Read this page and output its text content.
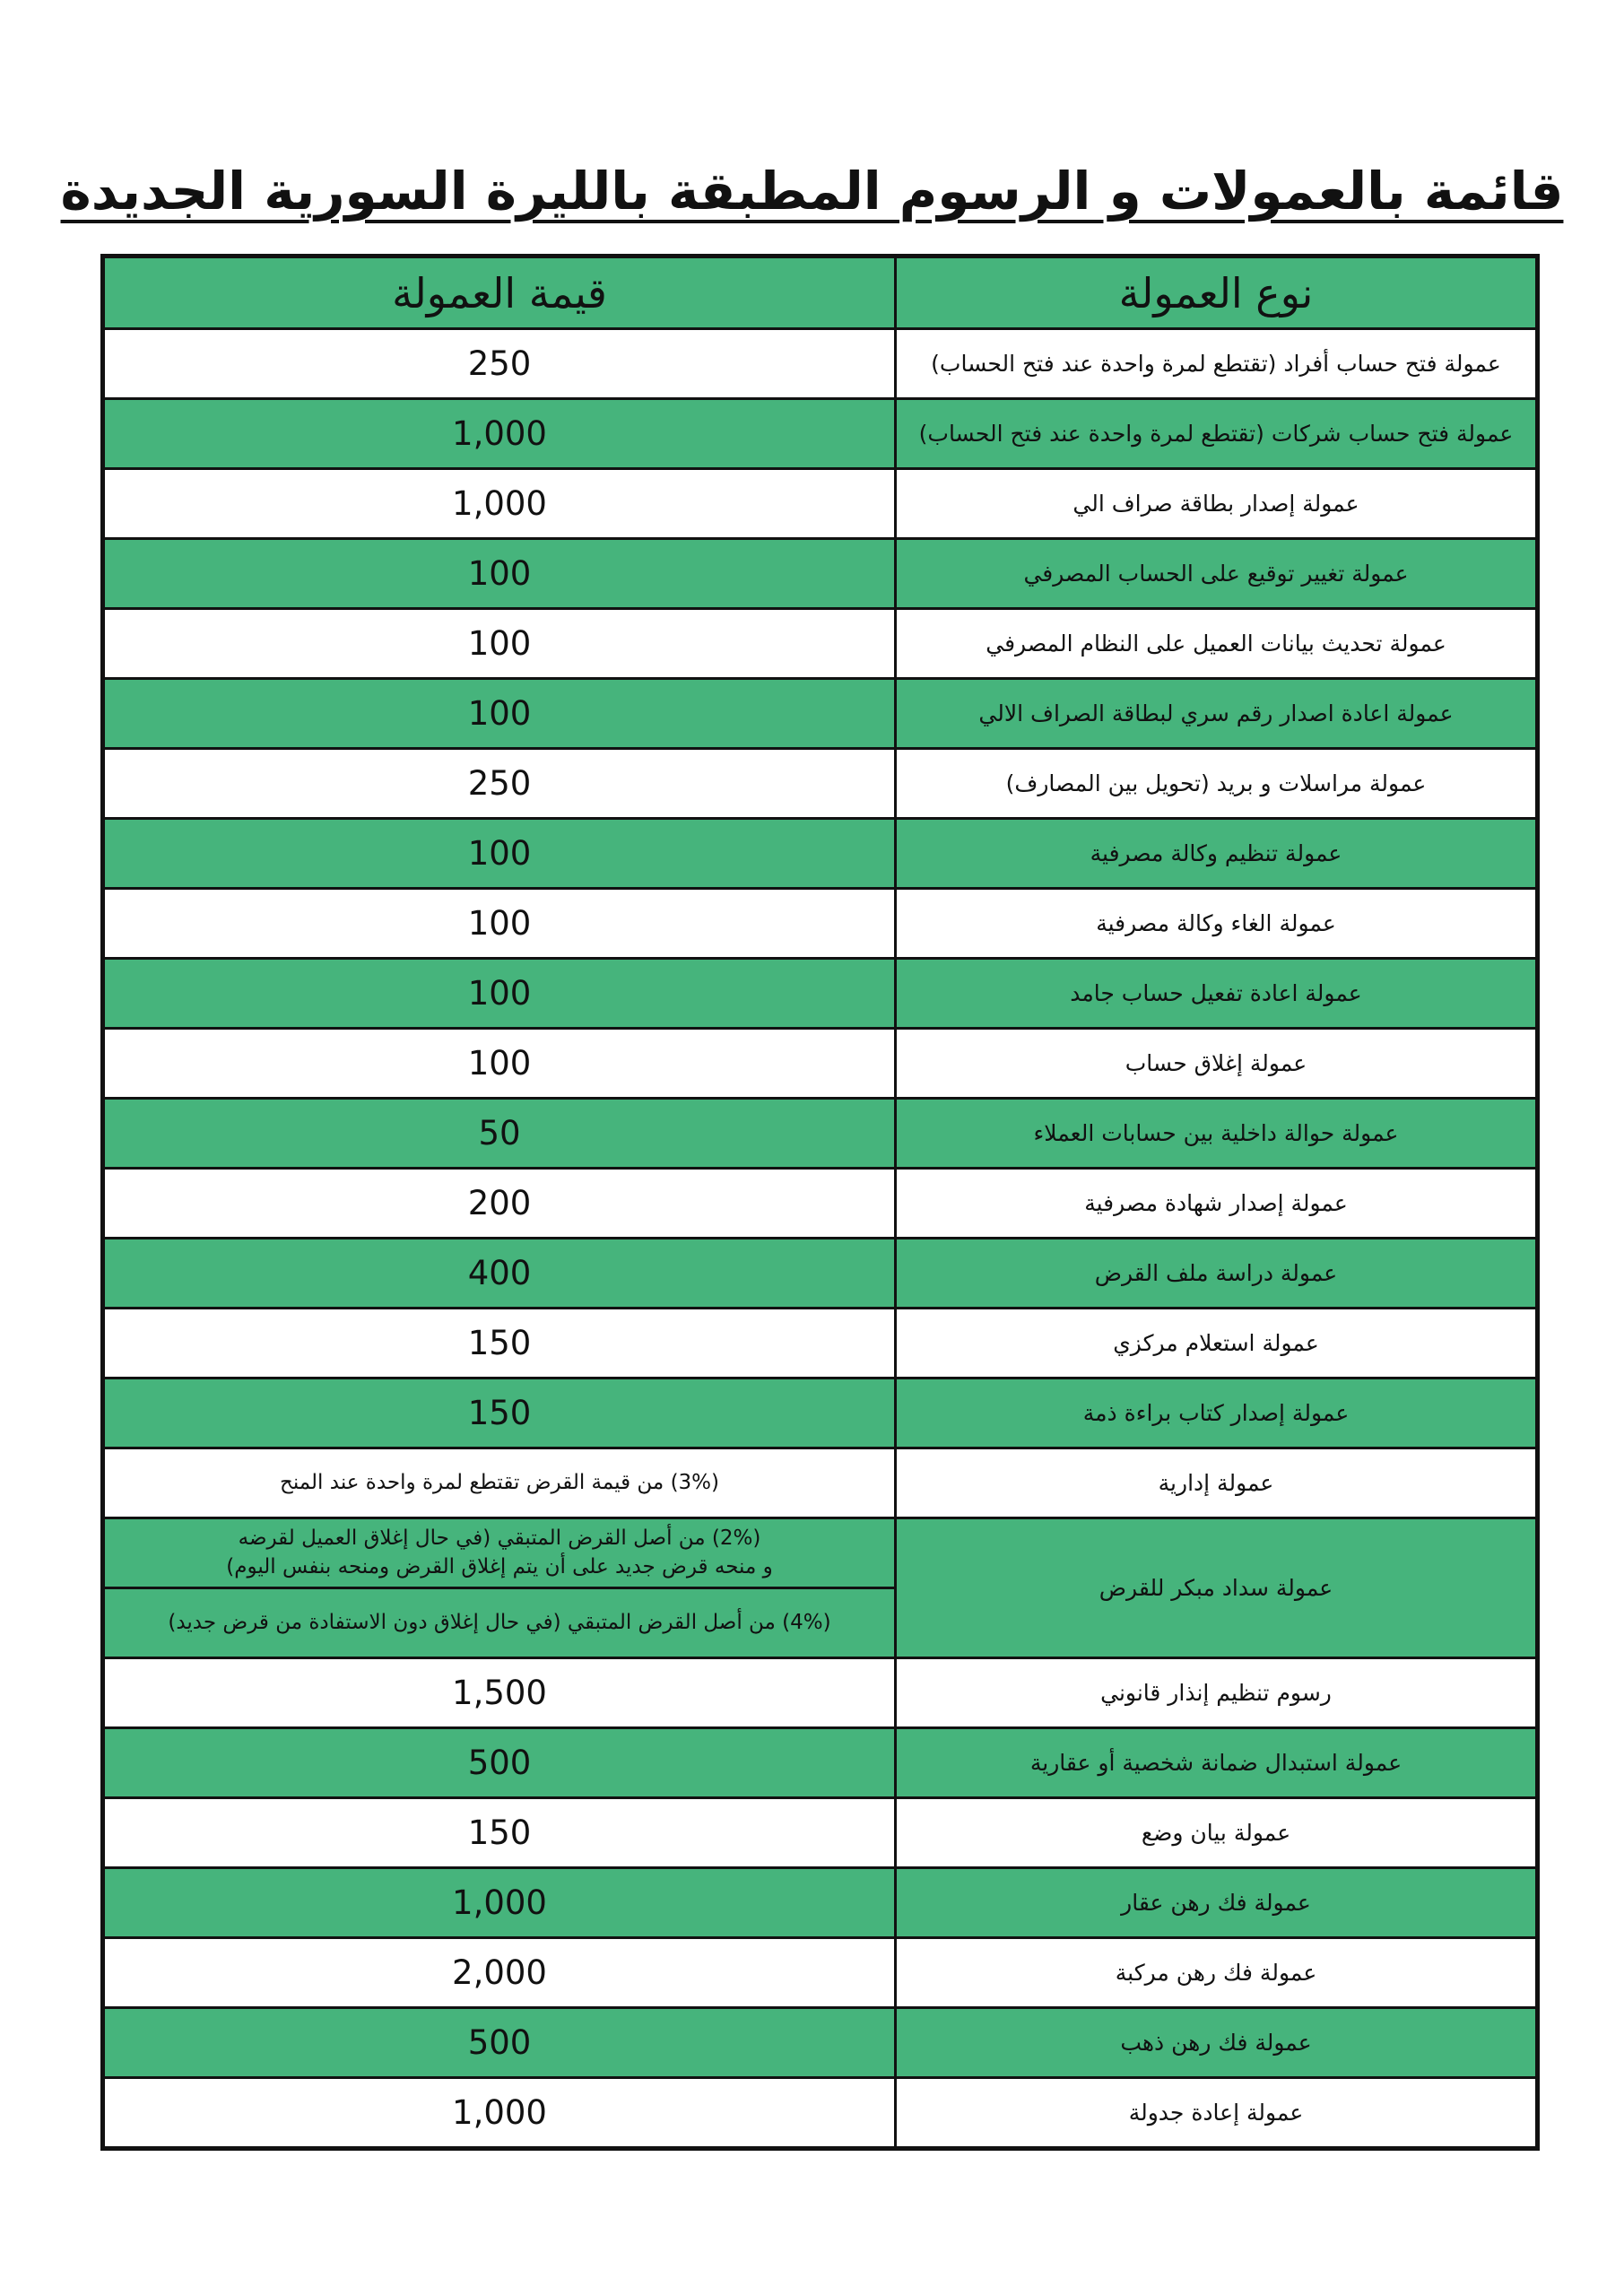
قائمة بالعمولات و الرسوم المطبقة بالليرة السورية الجديدة
نوع العمولة	قيمة العمولة
عمولة فتح حساب أفراد (تقتطع لمرة واحدة عند فتح الحساب)	250
عمولة فتح حساب شركات (تقتطع لمرة واحدة عند فتح الحساب)	1,000
عمولة إصدار بطاقة صراف الي	1,000
عمولة تغيير توقيع على الحساب المصرفي	100
عمولة تحديث بيانات العميل على النظام المصرفي	100
عمولة اعادة اصدار رقم سري لبطاقة الصراف الالي	100
عمولة مراسلات و بريد (تحويل بين المصارف)	250
عمولة تنظيم وكالة مصرفية	100
عمولة الغاء وكالة مصرفية	100
عمولة اعادة تفعيل حساب جامد	100
عمولة إغلاق حساب	100
عمولة حوالة داخلية بين حسابات العملاء	50
عمولة إصدار شهادة مصرفية	200
عمولة دراسة ملف القرض	400
عمولة استعلام مركزي	150
عمولة إصدار كتاب براءة ذمة	150
عمولة إدارية	(3%) من قيمة القرض تقتطع لمرة واحدة عند المنح
عمولة سداد مبكر للقرض	(2%) من أصل القرض المتبقي (في حال إغلاق العميل لقرضه
و منحه قرض جديد على أن يتم إغلاق القرض ومنحه بنفس اليوم)

	(4%) من أصل القرض المتبقي (في حال إغلاق دون الاستفادة من قرض جديد)
رسوم تنظيم إنذار قانوني	1,500
عمولة استبدال ضمانة شخصية أو عقارية	500
عمولة بيان وضع	150
عمولة فك رهن عقار	1,000
عمولة فك رهن مركبة	2,000
عمولة فك رهن ذهب	500
عمولة إعادة جدولة	1,000
